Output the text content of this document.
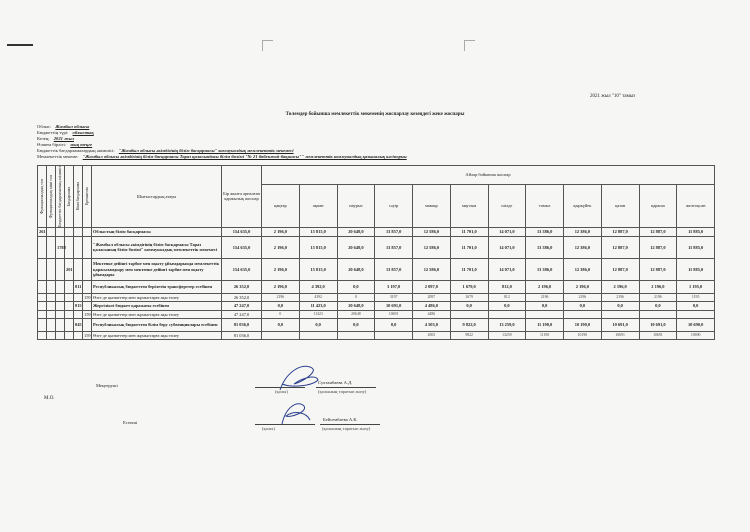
2021 жыл "10" тамыз
Төлемдер бойынша мемлекеттік мекеменің жоспарлау кезеңдегі жеке жоспары
Облыс: Жамбыл облысы
Бюджеттің түрі: облыстық
Кезең: 2021 жыл
Өлшем бірлігі: мың теңге
Бюджеттік бағдарламалардың әкімшісі: "Жамбыл облысы әкімдігінің білім басқармасы" коммуналдық мемлекеттік мекемесі
Мемлекеттік мекеме: "Жамбыл облысы әкімдігінің білім басқармасы Тараз қаласындағы білім бөлімі "№ 21 бөбекжай-бақшасы"" мемлекеттік коммуналдық қазыналық кәсіпорны
Функционалдық топ	Функционалдық кіші топ	Бюджеттік бағдарламаның әкімшісі	Бағдарлама	Кіші бағдарлама	Ерекшелік	Шығыстардың атауы	Бір жылға арналған қаржылық жоспар	Айлар бойынша жоспар											
								қаңтар	ақпан	наурыз	сәуір	мамыр	маусым	шілде	тамыз	қыркүйек	қазан	қараша	желтоқсан
261						Облыстың білім басқармасы	154 635,0	2 196,0	15 815,0	20 648,0	13 857,0	12 586,0	11 701,0	14 071,0	13 386,0	12 386,0	12 887,0	12 887,0	11 885,0
		1788				"Жамбыл облысы әкімдігінің білім басқармасы Тараз қаласының білім бөлімі" коммуналдық мемлекеттік мекемесі	154 635,0	2 196,0	15 815,0	20 648,0	13 857,0	12 586,0	11 701,0	14 071,0	13 386,0	12 386,0	12 887,0	12 887,0	11 885,0
			201			Мектепке дейінгі тәрбие мен оқыту ұйымдарында мемлекеттік қаржыландыру мен мектепке дейінгі тәрбие мен оқыту ұйымдары	154 635,0	2 196,0	15 815,0	20 648,0	13 857,0	12 586,0	11 701,0	14 071,0	13 386,0	12 386,0	12 887,0	12 887,0	11 885,0
				011		Республикалық бюджеттен берілетін трансферттер есебінен	26 352,0	2 196,0	4 392,0	0,0	3 197,0	2 097,0	1 679,0	812,0	2 196,0	2 196,0	2 196,0	2 196,0	1 195,0
					159	Өзге де қызметтер мен жұмыстарға ақы төлеу	26 352,0	2196	4392	0	3197	2097	1679	812	2196	2196	2196	2196	1195
				015		Жергілікті бюджет қаражаты есебінен	47 247,0	0,0	11 423,0	20 648,0	10 691,0	4 486,0	0,0	0,0	0,0	0,0	0,0	0,0	0,0
					159	Өзге де қызметтер мен жұмыстарға ақы төлеу	47 247,0	0	11423	20648	10691	4486							
				045		Республикалық бюджеттен білім беру субвенциялары есебінен	81 036,0	0,0	0,0	0,0	0,0	4 503,0	9 822,0	13 259,0	11 190,0	10 190,0	10 691,0	10 691,0	10 690,0
					159	Өзге де қызметтер мен жұмыстарға ақы төлеу	81 036,0					4503	9822	13259	11190	10190	10691	10691	10690
Меңгеруші
М.О.
Есепші
(қолы)
Султанбаева А.Д.
(қолының таратып жазу)
(қолы)
Бейсембаева А.К.
(қолының таратып жазу)
